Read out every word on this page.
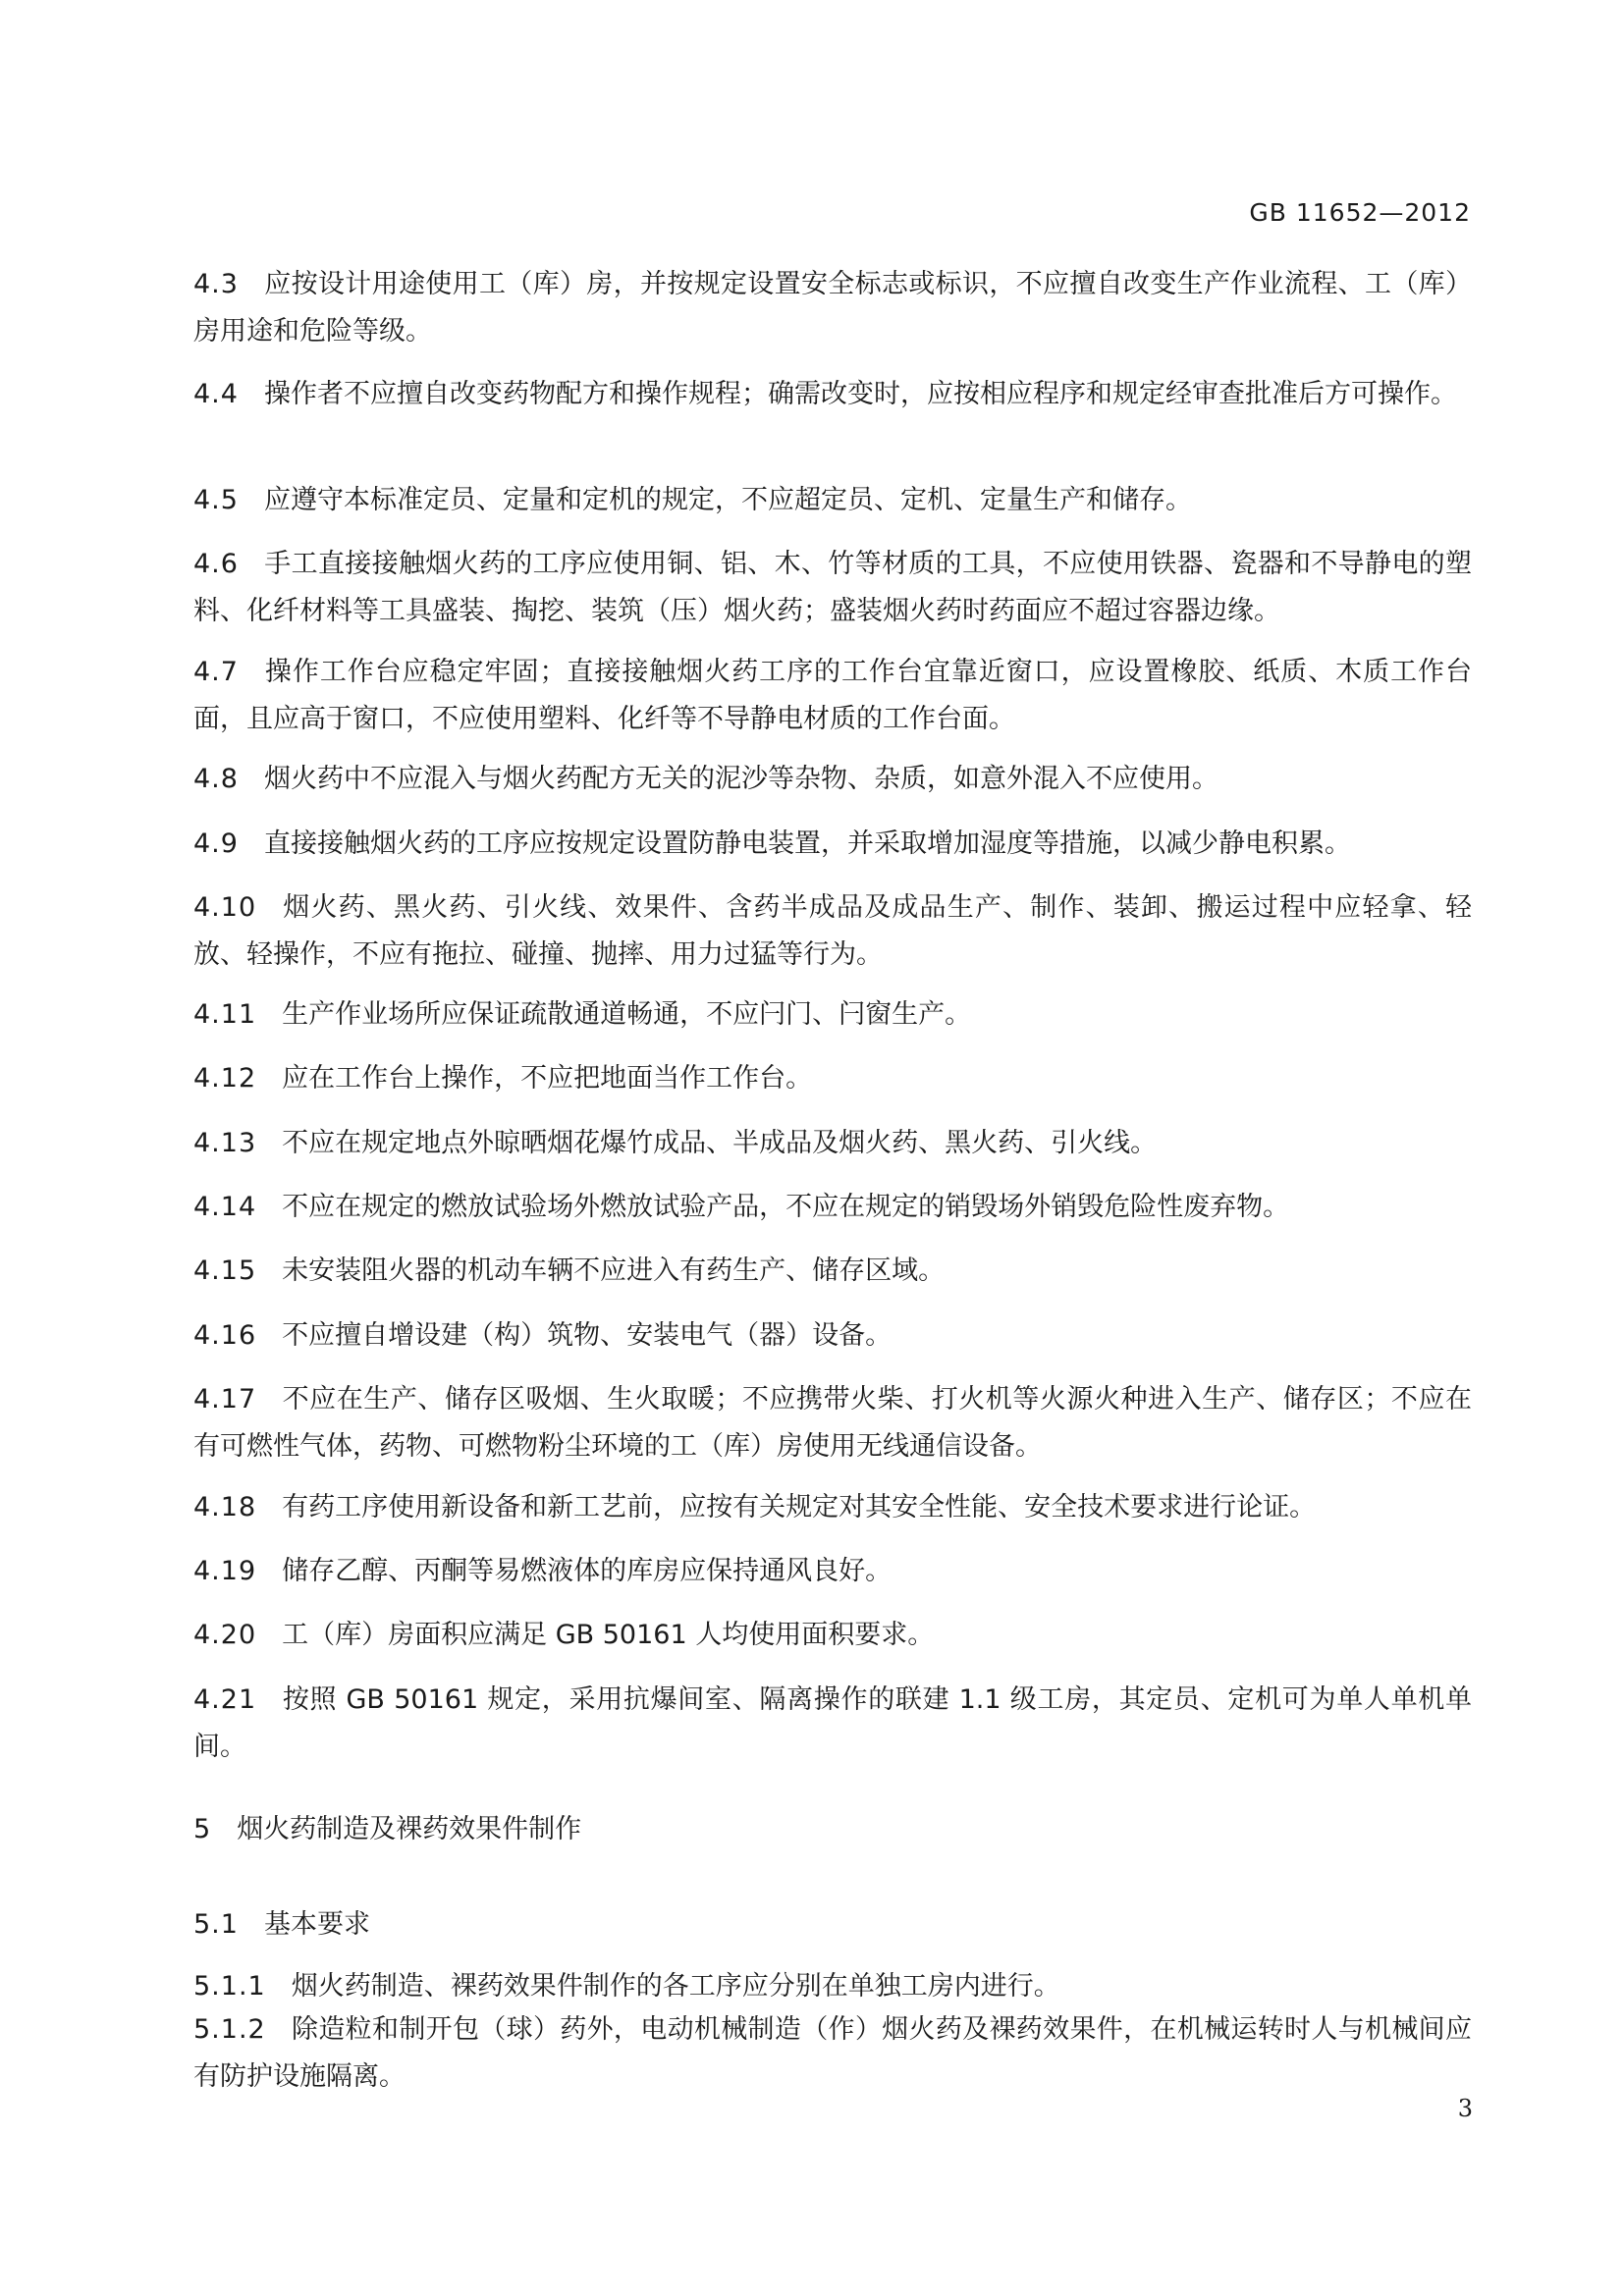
GB 11652—2012

4.3 应按设计用途使用工（库）房，并按规定设置安全标志或标识，不应擅自改变生产作业流程、工（库）房用途和危险等级。

4.4 操作者不应擅自改变药物配方和操作规程；确需改变时，应按相应程序和规定经审查批准后方可操作。

4.5 应遵守本标准定员、定量和定机的规定，不应超定员、定机、定量生产和储存。

4.6 手工直接接触烟火药的工序应使用铜、铝、木、竹等材质的工具，不应使用铁器、瓷器和不导静电的塑料、化纤材料等工具盛装、掏挖、装筑（压）烟火药；盛装烟火药时药面应不超过容器边缘。

4.7 操作工作台应稳定牢固；直接接触烟火药工序的工作台宜靠近窗口，应设置橡胶、纸质、木质工作台面，且应高于窗口，不应使用塑料、化纤等不导静电材质的工作台面。

4.8 烟火药中不应混入与烟火药配方无关的泥沙等杂物、杂质，如意外混入不应使用。

4.9 直接接触烟火药的工序应按规定设置防静电装置，并采取增加湿度等措施，以减少静电积累。

4.10 烟火药、黑火药、引火线、效果件、含药半成品及成品生产、制作、装卸、搬运过程中应轻拿、轻放、轻操作，不应有拖拉、碰撞、抛摔、用力过猛等行为。

4.11 生产作业场所应保证疏散通道畅通，不应闩门、闩窗生产。

4.12 应在工作台上操作，不应把地面当作工作台。

4.13 不应在规定地点外晾晒烟花爆竹成品、半成品及烟火药、黑火药、引火线。

4.14 不应在规定的燃放试验场外燃放试验产品，不应在规定的销毁场外销毁危险性废弃物。

4.15 未安装阻火器的机动车辆不应进入有药生产、储存区域。

4.16 不应擅自增设建（构）筑物、安装电气（器）设备。

4.17 不应在生产、储存区吸烟、生火取暖；不应携带火柴、打火机等火源火种进入生产、储存区；不应在有可燃性气体，药物、可燃物粉尘环境的工（库）房使用无线通信设备。

4.18 有药工序使用新设备和新工艺前，应按有关规定对其安全性能、安全技术要求进行论证。

4.19 储存乙醇、丙酮等易燃液体的库房应保持通风良好。

4.20 工（库）房面积应满足 GB 50161 人均使用面积要求。

4.21 按照 GB 50161 规定，采用抗爆间室、隔离操作的联建 1.1 级工房，其定员、定机可为单人单机单间。

5 烟火药制造及裸药效果件制作
5.1 基本要求

5.1.1 烟火药制造、裸药效果件制作的各工序应分别在单独工房内进行。

5.1.2 除造粒和制开包（球）药外，电动机械制造（作）烟火药及裸药效果件，在机械运转时人与机械间应有防护设施隔离。

3
